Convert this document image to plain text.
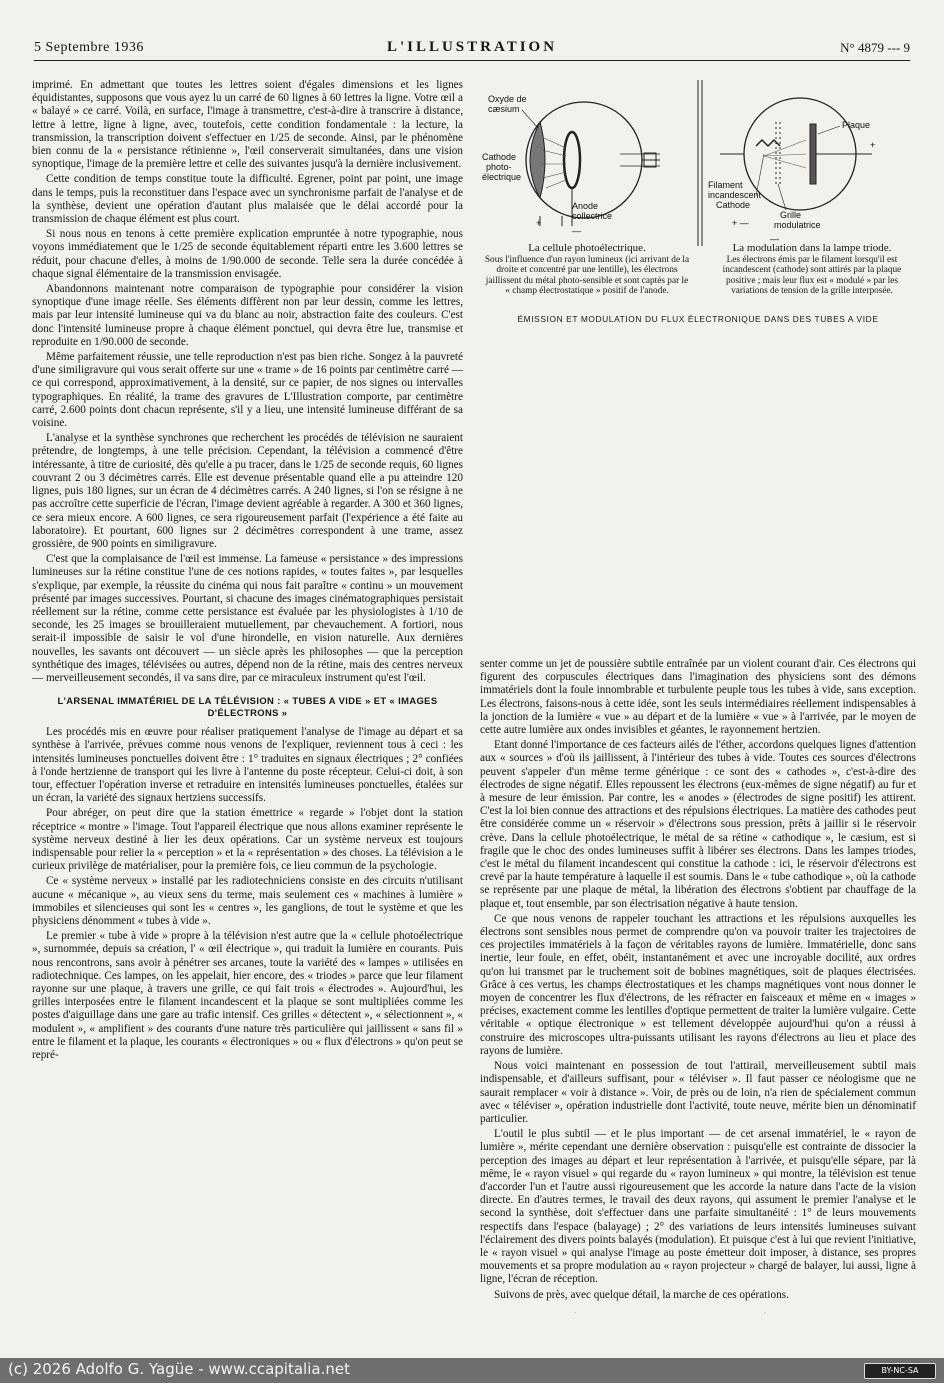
5 Septembre 1936	L'ILLUSTRATION	N° 4879 --- 9

imprimé. En admettant que toutes les lettres soient d'égales dimensions et les lignes équidistantes, supposons que vous ayez lu un carré de 60 lignes à 60 lettres la ligne. Votre œil a « balayé » ce carré. Voilà, en surface, l'image à transmettre, c'est-à-dire à transcrire à distance, lettre à lettre, ligne à ligne, avec, toutefois, cette condition fondamentale : la lecture, la transmission, la transcription doivent s'effectuer en 1/25 de seconde. Ainsi, par le phénomène bien connu de la « persistance rétinienne », l'œil conserverait simultanées, dans une vision synoptique, l'image de la première lettre et celle des suivantes jusqu'à la dernière inclusivement.

Cette condition de temps constitue toute la difficulté. Egrener, point par point, une image dans le temps, puis la reconstituer dans l'espace avec un synchronisme parfait de l'analyse et de la synthèse, devient une opération d'autant plus malaisée que le délai accordé pour la transmission de chaque élément est plus court.

Si nous nous en tenons à cette première explication empruntée à notre typographie, nous voyons immédiatement que le 1/25 de seconde équitablement réparti entre les 3.600 lettres se réduit, pour chacune d'elles, à moins de 1/90.000 de seconde. Telle sera la durée concédée à chaque signal élémentaire de la transmission envisagée.

Abandonnons maintenant notre comparaison de typographie pour considérer la vision synoptique d'une image réelle. Ses éléments diffèrent non par leur dessin, comme les lettres, mais par leur intensité lumineuse qui va du blanc au noir, abstraction faite des couleurs. C'est donc l'intensité lumineuse propre à chaque élément ponctuel, qui devra être lue, transmise et reproduite en 1/90.000 de seconde.

Même parfaitement réussie, une telle reproduction n'est pas bien riche. Songez à la pauvreté d'une similigravure qui vous serait offerte sur une « trame » de 16 points par centimètre carré — ce qui correspond, approximativement, à la densité, sur ce papier, de nos signes ou intervalles typographiques. En réalité, la trame des gravures de L'Illustration comporte, par centimètre carré, 2.600 points dont chacun représente, s'il y a lieu, une intensité lumineuse différant de sa voisine.

L'analyse et la synthèse synchrones que recherchent les procédés de télévision ne sauraient prétendre, de longtemps, à une telle précision. Cependant, la télévision a commencé d'être intéressante, à titre de curiosité, dès qu'elle a pu tracer, dans le 1/25 de seconde requis, 60 lignes couvrant 2 ou 3 décimètres carrés. Elle est devenue présentable quand elle a pu atteindre 120 lignes, puis 180 lignes, sur un écran de 4 décimètres carrés. A 240 lignes, si l'on se résigne à ne pas accroître cette superficie de l'écran, l'image devient agréable à regarder. A 300 et 360 lignes, ce sera mieux encore. A 600 lignes, ce sera rigoureusement parfait (l'expérience a été faite au laboratoire). Et pourtant, 600 lignes sur 2 décimètres correspondent à une trame, assez grossière, de 900 points en similigravure.

C'est que la complaisance de l'œil est immense. La fameuse « persistance » des impressions lumineuses sur la rétine constitue l'une de ces notions rapides, « toutes faites », par lesquelles s'explique, par exemple, la réussite du cinéma qui nous fait paraître « continu » un mouvement présenté par images successives. Pourtant, si chacune des images cinématographiques persistait réellement sur la rétine, comme cette persistance est évaluée par les physiologistes à 1/10 de seconde, les 25 images se brouilleraient mutuellement, par chevauchement. A fortiori, nous serait-il impossible de saisir le vol d'une hirondelle, en vision naturelle. Aux dernières nouvelles, les savants ont découvert — un siècle après les philosophes — que la perception synthétique des images, télévisées ou autres, dépend non de la rétine, mais des centres nerveux — merveilleusement secondés, il va sans dire, par ce miraculeux instrument qu'est l'œil.

L'ARSENAL IMMATÉRIEL DE LA TÉLÉVISION : « TUBES A VIDE » ET « IMAGES D'ÉLECTRONS »

Les procédés mis en œuvre pour réaliser pratiquement l'analyse de l'image au départ et sa synthèse à l'arrivée, prévues comme nous venons de l'expliquer, reviennent tous à ceci : les intensités lumineuses ponctuelles doivent être : 1° traduites en signaux électriques ; 2° confiées à l'onde hertzienne de transport qui les livre à l'antenne du poste récepteur. Celui-ci doit, à son tour, effectuer l'opération inverse et retraduire en intensités lumineuses ponctuelles, étalées sur un écran, la variété des signaux hertziens successifs.

Pour abréger, on peut dire que la station émettrice « regarde » l'objet dont la station réceptrice « montre » l'image. Tout l'appareil électrique que nous allons examiner représente le système nerveux destiné à lier les deux opérations. Car un système nerveux est toujours indispensable pour relier la « perception » et la « représentation » des choses. La télévision a le curieux privilège de matérialiser, pour la première fois, ce lieu commun de la psychologie.

Ce « système nerveux » installé par les radiotechniciens consiste en des circuits n'utilisant aucune « mécanique », au vieux sens du terme, mais seulement ces « machines à lumière » immobiles et silencieuses qui sont les « centres », les ganglions, de tout le système et que les physiciens dénomment « tubes à vide ».

Le premier « tube à vide » propre à la télévision n'est autre que la « cellule photoélectrique », surnommée, depuis sa création, l' « œil électrique », qui traduit la lumière en courants. Puis nous rencontrons, sans avoir à pénétrer ses arcanes, toute la variété des « lampes » utilisées en radiotechnique. Ces lampes, on les appelait, hier encore, des « triodes » parce que leur filament rayonne sur une plaque, à travers une grille, ce qui fait trois « électrodes ». Aujourd'hui, les grilles interposées entre le filament incandescent et la plaque se sont multipliées comme les postes d'aiguillage dans une gare au trafic intensif. Ces grilles « détectent », « sélectionnent », « modulent », « amplifient » des courants d'une nature très particulière qui jaillissent « sans fil » entre le filament et la plaque, les courants « électroniques » ou « flux d'électrons » qu'on peut se repré-

Oxyde de
cæsium
Cathode
photo-
électrique
Anode
collectrice
+
—
Plaque
+
Filament
incandescent
Cathode
Grille
modulatrice
+ —
—
La cellule photoélectrique.
Sous l'influence d'un rayon lumineux (ici arrivant de la droite et concentré par une lentille), les électrons jaillissent du métal photo-sensible et sont captés par le « champ électrostatique » positif de l'anode.
La modulation dans la lampe triode.
Les électrons émis par le filament lorsqu'il est incandescent (cathode) sont attirés par la plaque positive ; mais leur flux est « modulé » par les variations de tension de la grille interposée.
ÉMISSION ET MODULATION DU FLUX ÉLECTRONIQUE DANS DES TUBES A VIDE

senter comme un jet de poussière subtile entraînée par un violent courant d'air. Ces électrons qui figurent des corpuscules électriques dans l'imagination des physiciens sont des démons immatériels dont la foule innombrable et turbulente peuple tous les tubes à vide, sans exception. Les électrons, faisons-nous à cette idée, sont les seuls intermédiaires réellement indispensables à la jonction de la lumière « vue » au départ et de la lumière « vue » à l'arrivée, par le moyen de cette autre lumière aux ondes invisibles et géantes, le rayonnement hertzien.

Etant donné l'importance de ces facteurs ailés de l'éther, accordons quelques lignes d'attention aux « sources » d'où ils jaillissent, à l'intérieur des tubes à vide. Toutes ces sources d'électrons peuvent s'appeler d'un même terme générique : ce sont des « cathodes », c'est-à-dire des électrodes de signe négatif. Elles repoussent les électrons (eux-mêmes de signe négatif) au fur et à mesure de leur émission. Par contre, les « anodes » (électrodes de signe positif) les attirent. C'est la loi bien connue des attractions et des répulsions électriques. La matière des cathodes peut être considérée comme un « réservoir » d'électrons sous pression, prêts à jaillir si le réservoir crève. Dans la cellule photoélectrique, le métal de sa rétine « cathodique », le cæsium, est si fragile que le choc des ondes lumineuses suffit à libérer ses électrons. Dans les lampes triodes, c'est le métal du filament incandescent qui constitue la cathode : ici, le réservoir d'électrons est crevé par la haute température à laquelle il est soumis. Dans le « tube cathodique », où la cathode se représente par une plaque de métal, la libération des électrons s'obtient par chauffage de la plaque et, tout ensemble, par son électrisation négative à haute tension.

Ce que nous venons de rappeler touchant les attractions et les répulsions auxquelles les électrons sont sensibles nous permet de comprendre qu'on va pouvoir traiter les trajectoires de ces projectiles immatériels à la façon de véritables rayons de lumière. Immatérielle, donc sans inertie, leur foule, en effet, obéit, instantanément et avec une incroyable docilité, aux ordres qu'on lui transmet par le truchement soit de bobines magnétiques, soit de plaques électrisées. Grâce à ces vertus, les champs électrostatiques et les champs magnétiques vont nous donner le moyen de concentrer les flux d'électrons, de les réfracter en faisceaux et même en « images » précises, exactement comme les lentilles d'optique permettent de traiter la lumière vulgaire. Cette véritable « optique électronique » est tellement développée aujourd'hui qu'on a réussi à construire des microscopes ultra-puissants utilisant les rayons d'électrons au lieu et place des rayons de lumière.

Nous voici maintenant en possession de tout l'attirail, merveilleusement subtil mais indispensable, et d'ailleurs suffisant, pour « téléviser ». Il faut passer ce néologisme que ne saurait remplacer « voir à distance ». Voir, de près ou de loin, n'a rien de spécialement commun avec « téléviser », opération industrielle dont l'activité, toute neuve, mérite bien un dénominatif particulier.

L'outil le plus subtil — et le plus important — de cet arsenal immatériel, le « rayon de lumière », mérite cependant une dernière observation : puisqu'elle est contrainte de dissocier la perception des images au départ et leur représentation à l'arrivée, et puisqu'elle sépare, par là même, le « rayon visuel » qui regarde du « rayon lumineux » qui montre, la télévision est tenue d'accorder l'un et l'autre aussi rigoureusement que les accorde la nature dans l'acte de la vision directe. En d'autres termes, le travail des deux rayons, qui assument le premier l'analyse et le second la synthèse, doit s'effectuer dans une parfaite simultanéité : 1° de leurs mouvements respectifs dans l'espace (balayage) ; 2° des variations de leurs intensités lumineuses suivant l'éclairement des divers points balayés (modulation). Et puisque c'est à lui que revient l'initiative, le « rayon visuel » qui analyse l'image au poste émetteur doit imposer, à distance, ses propres mouvements et sa propre modulation au « rayon projecteur » chargé de balayer, lui aussi, ligne à ligne, l'écran de réception.

Suivons de près, avec quelque détail, la marche de ces opérations.

(c) 2026 Adolfo G. Yagüe - www.ccapitalia.net	BY-NC-SA
